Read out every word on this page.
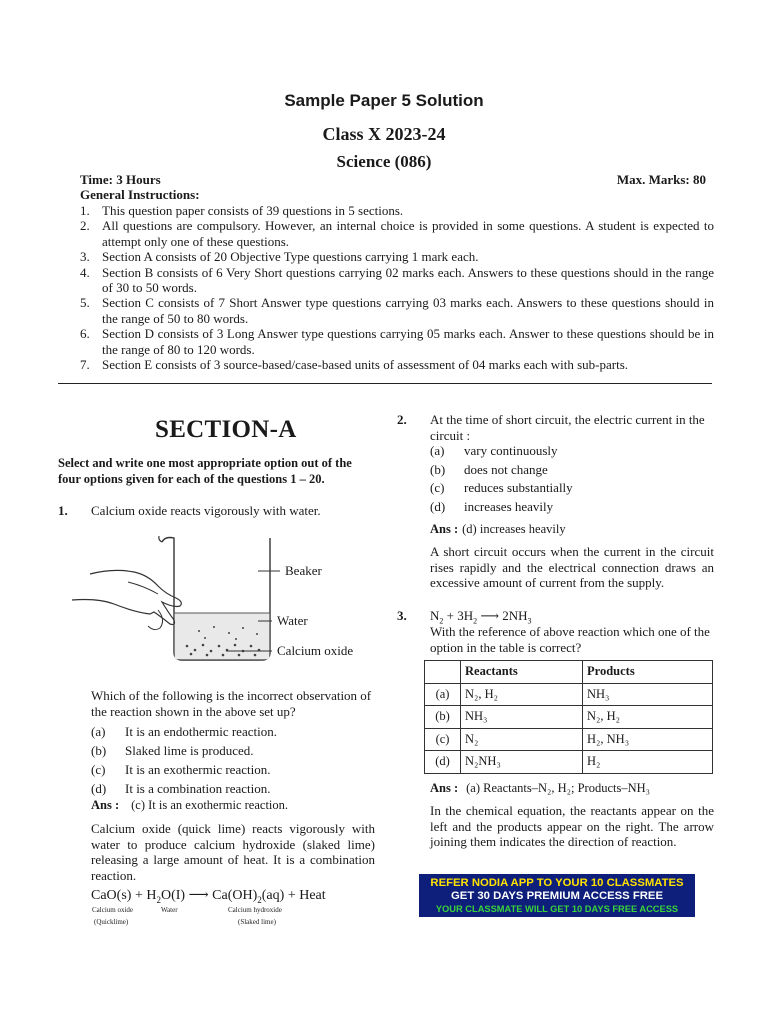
Sample Paper 5 Solution
Class X 2023-24
Science (086)
Time: 3 Hours	Max. Marks: 80
General Instructions:
1. This question paper consists of 39 questions in 5 sections.
2. All questions are compulsory. However, an internal choice is provided in some questions. A student is expected to attempt only one of these questions.
3. Section A consists of 20 Objective Type questions carrying 1 mark each.
4. Section B consists of 6 Very Short questions carrying 02 marks each. Answers to these questions should in the range of 30 to 50 words.
5. Section C consists of 7 Short Answer type questions carrying 03 marks each. Answers to these questions should in the range of 50 to 80 words.
6. Section D consists of 3 Long Answer type questions carrying 05 marks each. Answer to these questions should be in the range of 80 to 120 words.
7. Section E consists of 3 source-based/case-based units of assessment of 04 marks each with sub-parts.
SECTION-A
Select and write one most appropriate option out of the four options given for each of the questions 1 – 20.
1. Calcium oxide reacts vigorously with water.
Beaker
Water
Calcium oxide
Which of the following is the incorrect observation of the reaction shown in the above set up?
(a)	It is an endothermic reaction.
(b)	Slaked lime is produced.
(c)	It is an exothermic reaction.
(d)	It is a combination reaction.
Ans : (c) It is an exothermic reaction.
Calcium oxide (quick lime) reacts vigorously with water to produce calcium hydroxide (slaked lime) releasing a large amount of heat. It is a combination reaction.
$CaO(s) + H_2O(I)$ ⟶ $Ca(OH)_2(aq)$ + Heat
Calcium oxide
(Quicklime)
Water	Calcium hydroxide
(Slaked lime)
2. At the time of short circuit, the electric current in the circuit :
(a)	vary continuously
(b)	does not change
(c)	reduces substantially
(d)	increases heavily
Ans : (d) increases heavily
A short circuit occurs when the current in the circuit rises rapidly and the electrical connection draws an excessive amount of current from the supply.
3. $N_2 + 3H_2$ ⟶ $2NH_3$
With the reference of above reaction which one of the option in the table is correct?
	Reactants	Products
(a)	N₂, H₂	NH₃
(b)	NH₃	N₂, H₂
(c)	N₂	H₂, NH₃
(d)	N₂NH₃	H₂
Ans : (a) Reactants–N₂, H₂; Products–NH₃
In the chemical equation, the reactants appear on the left and the products appear on the right. The arrow joining them indicates the direction of reaction.
REFER NODIA APP TO YOUR 10 CLASSMATES
GET 30 DAYS PREMIUM ACCESS FREE
YOUR CLASSMATE WILL GET 10 DAYS FREE ACCESS
